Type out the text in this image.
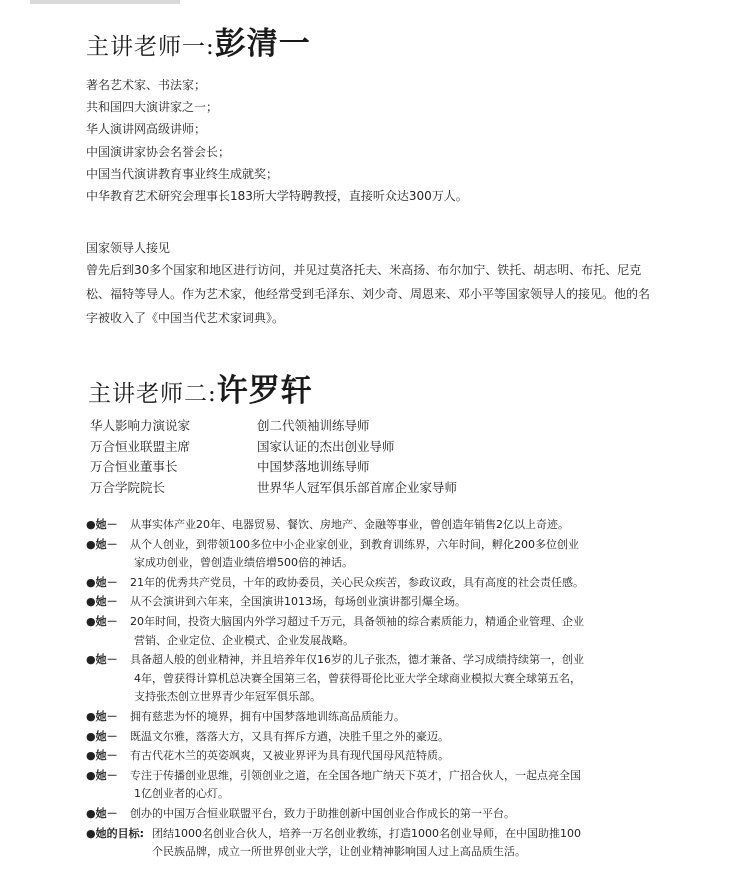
主讲老师一:彭清一
著名艺术家、书法家；
共和国四大演讲家之一；
华人演讲网高级讲师；
中国演讲家协会名誉会长；
中国当代演讲教育事业终生成就奖；
中华教育艺术研究会理事长183所大学特聘教授，直接听众达300万人。
国家领导人接见

曾先后到30多个国家和地区进行访问，并见过莫洛托夫、米高扬、布尔加宁、铁托、胡志明、布托、尼克松、福特等导人。作为艺术家，他经常受到毛泽东、刘少奇、周恩来、邓小平等国家领导人的接见。他的名字被收入了《中国当代艺术家词典》。

主讲老师二:许罗轩
华人影响力演说家
万合恒业联盟主席
万合恒业董事长
万合学院院长
创二代领袖训练导师
国家认证的杰出创业导师
中国梦落地训练导师
世界华人冠军俱乐部首席企业家导师
●她－ 从事实体产业20年、电器贸易、餐饮、房地产、金融等事业，曾创造年销售2亿以上奇迹。
●她－ 从个人创业，到带领100多位中小企业家创业，到教育训练界，六年时间，孵化200多位创业
家成功创业，曾创造业绩倍增500倍的神话。
●她－ 21年的优秀共产党员，十年的政协委员，关心民众疾苦，参政议政，具有高度的社会责任感。
●她－ 从不会演讲到六年来，全国演讲1013场，每场创业演讲都引爆全场。
●她－ 20年时间，投资大脑国内外学习超过千万元，具备领袖的综合素质能力，精通企业管理、企业
营销、企业定位、企业模式、企业发展战略。
●她－ 具备超人般的创业精神，并且培养年仅16岁的儿子张杰，德才兼备、学习成绩持续第一，创业
4年，曾获得计算机总决赛全国第三名，曾获得哥伦比亚大学全球商业模拟大赛全球第五名，
支持张杰创立世界青少年冠军俱乐部。
●她－ 拥有慈悲为怀的境界，拥有中国梦落地训练高品质能力。
●她－ 既温文尔雅，落落大方，又具有挥斥方遒，决胜千里之外的豪迈。
●她－ 有古代花木兰的英姿飒爽，又被业界评为具有现代国母风范特质。
●她－ 专注于传播创业思维，引领创业之道，在全国各地广纳天下英才，广招合伙人，一起点亮全国
1亿创业者的心灯。
●她－ 创办的中国万合恒业联盟平台，致力于助推创新中国创业合作成长的第一平台。
●她的目标: 团结1000名创业合伙人，培养一万名创业教练，打造1000名创业导师，在中国助推100
个民族品牌，成立一所世界创业大学，让创业精神影响国人过上高品质生活。
